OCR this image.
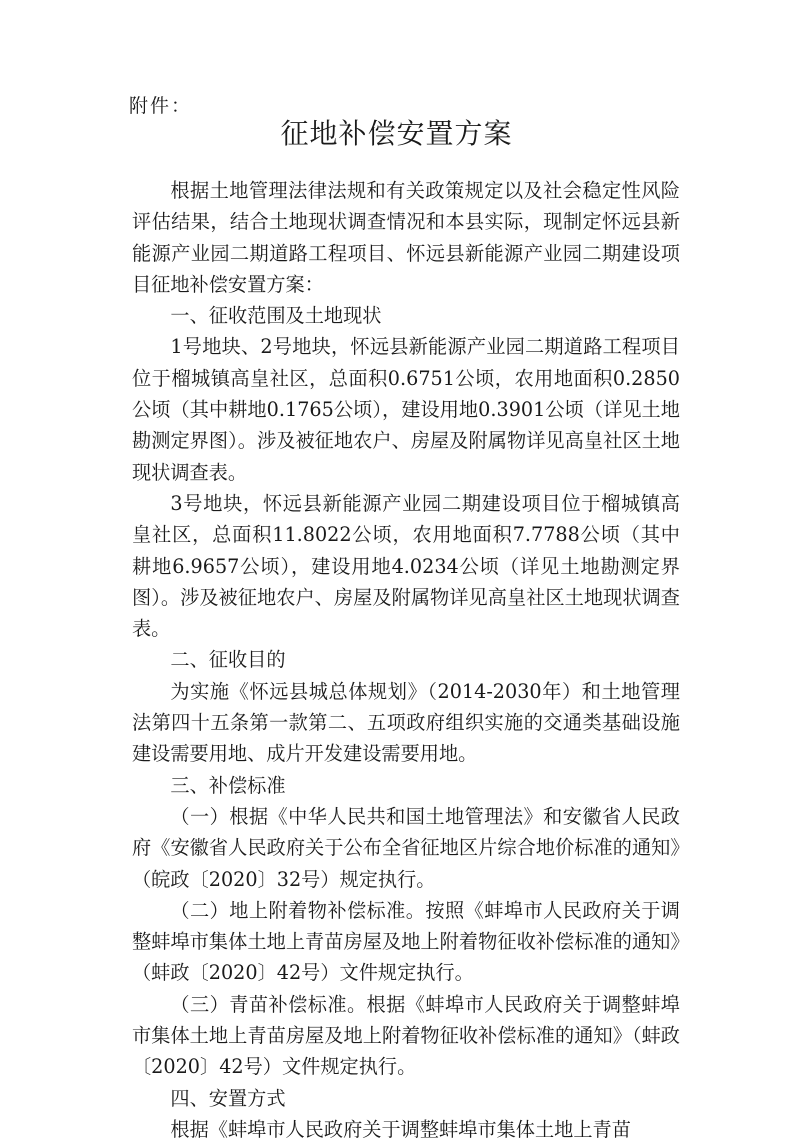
附件：
征地补偿安置方案

根据土地管理法律法规和有关政策规定以及社会稳定性风险评估结果，结合土地现状调查情况和本县实际，现制定怀远县新能源产业园二期道路工程项目、怀远县新能源产业园二期建设项目征地补偿安置方案：

一、征收范围及土地现状

1号地块、2号地块，怀远县新能源产业园二期道路工程项目位于榴城镇高皇社区，总面积0.6751公顷，农用地面积0.2850公顷（其中耕地0.1765公顷），建设用地0.3901公顷（详见土地勘测定界图）。涉及被征地农户、房屋及附属物详见高皇社区土地现状调查表。

3号地块，怀远县新能源产业园二期建设项目位于榴城镇高皇社区，总面积11.8022公顷，农用地面积7.7788公顷（其中耕地6.9657公顷），建设用地4.0234公顷（详见土地勘测定界图）。涉及被征地农户、房屋及附属物详见高皇社区土地现状调查表。

二、征收目的

为实施《怀远县城总体规划》（2014-2030年）和土地管理法第四十五条第一款第二、五项政府组织实施的交通类基础设施建设需要用地、成片开发建设需要用地。

三、补偿标准

（一）根据《中华人民共和国土地管理法》和安徽省人民政府《安徽省人民政府关于公布全省征地区片综合地价标准的通知》（皖政〔2020〕32号）规定执行。

（二）地上附着物补偿标准。按照《蚌埠市人民政府关于调整蚌埠市集体土地上青苗房屋及地上附着物征收补偿标准的通知》（蚌政〔2020〕42号）文件规定执行。

（三）青苗补偿标准。根据《蚌埠市人民政府关于调整蚌埠市集体土地上青苗房屋及地上附着物征收补偿标准的通知》（蚌政〔2020〕42号）文件规定执行。

四、安置方式

根据《蚌埠市人民政府关于调整蚌埠市集体土地上青苗
